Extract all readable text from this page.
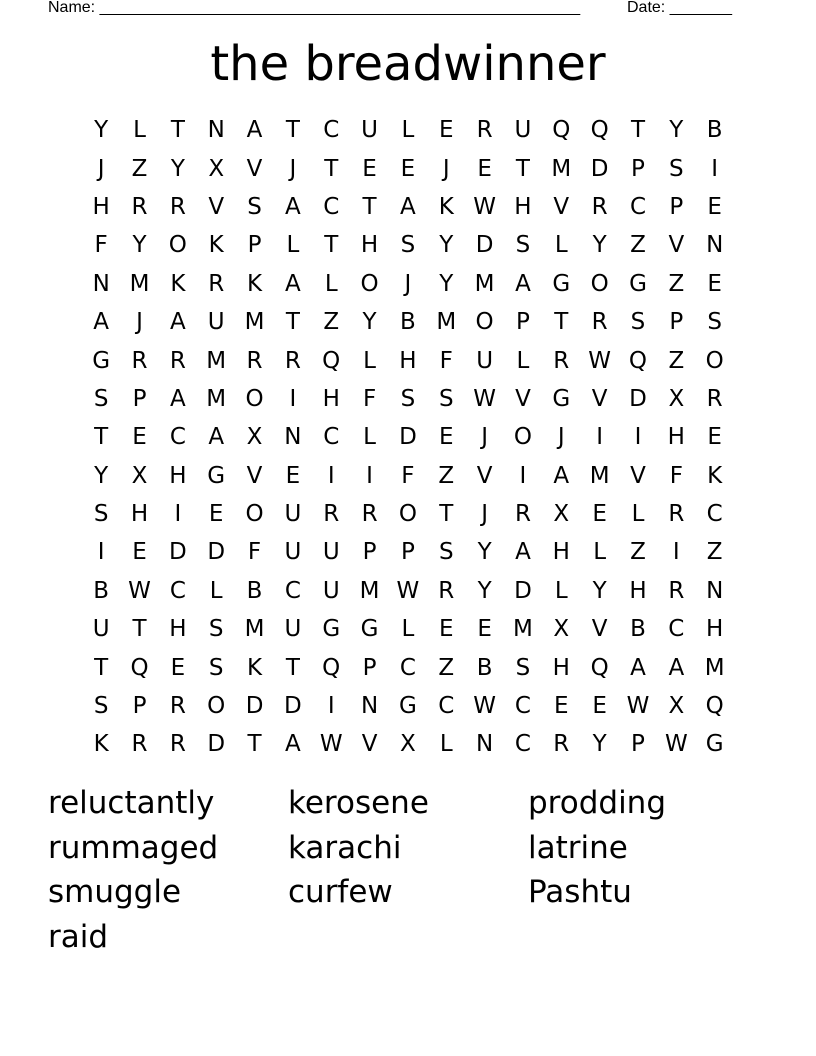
Name: ______________________________________________________	Date: _______
the breadwinner
Y	L	T N A	T	C U	L	E	R U Q Q T	Y	B
J	Z	Y	X V	J	T	E	E	J	E	T M D P	S	I
H R R V	S	A C	T	A K W H V R C	P	E
F	Y O K	P	L	T H S	Y D S	L	Y	Z V N
N M K R K A	L O	J	Y M A G O G Z	E
A	J	A U M T	Z	Y	B M O P	T	R	S	P	S
G R R M R R Q L	H	F	U	L	R W Q Z O
S	P	A M O	I	H	F	S	S W V G V D X R
T	E	C A X N C	L	D E	J	O	J	I	I	H E
Y	X H G V	E	I	I	F	Z V	I	A M V	F	K
S H	I	E O U R R O T	J	R X	E	L	R C
I	E D D F	U U P	P	S	Y	A H	L	Z	I	Z
B W C	L	B C U M W R	Y D	L	Y H R N
U T H S M U G G	L	E	E M X V B C H
T Q E	S	K	T Q P	C Z B	S H Q A A M
S	P	R O D D	I	N G C W C	E	E W X Q
K R R D T	A W V X	L	N C R	Y	P W G
reluctantly	kerosene	prodding
rummaged	karachi	latrine
smuggle	curfew	Pashtu
raid
